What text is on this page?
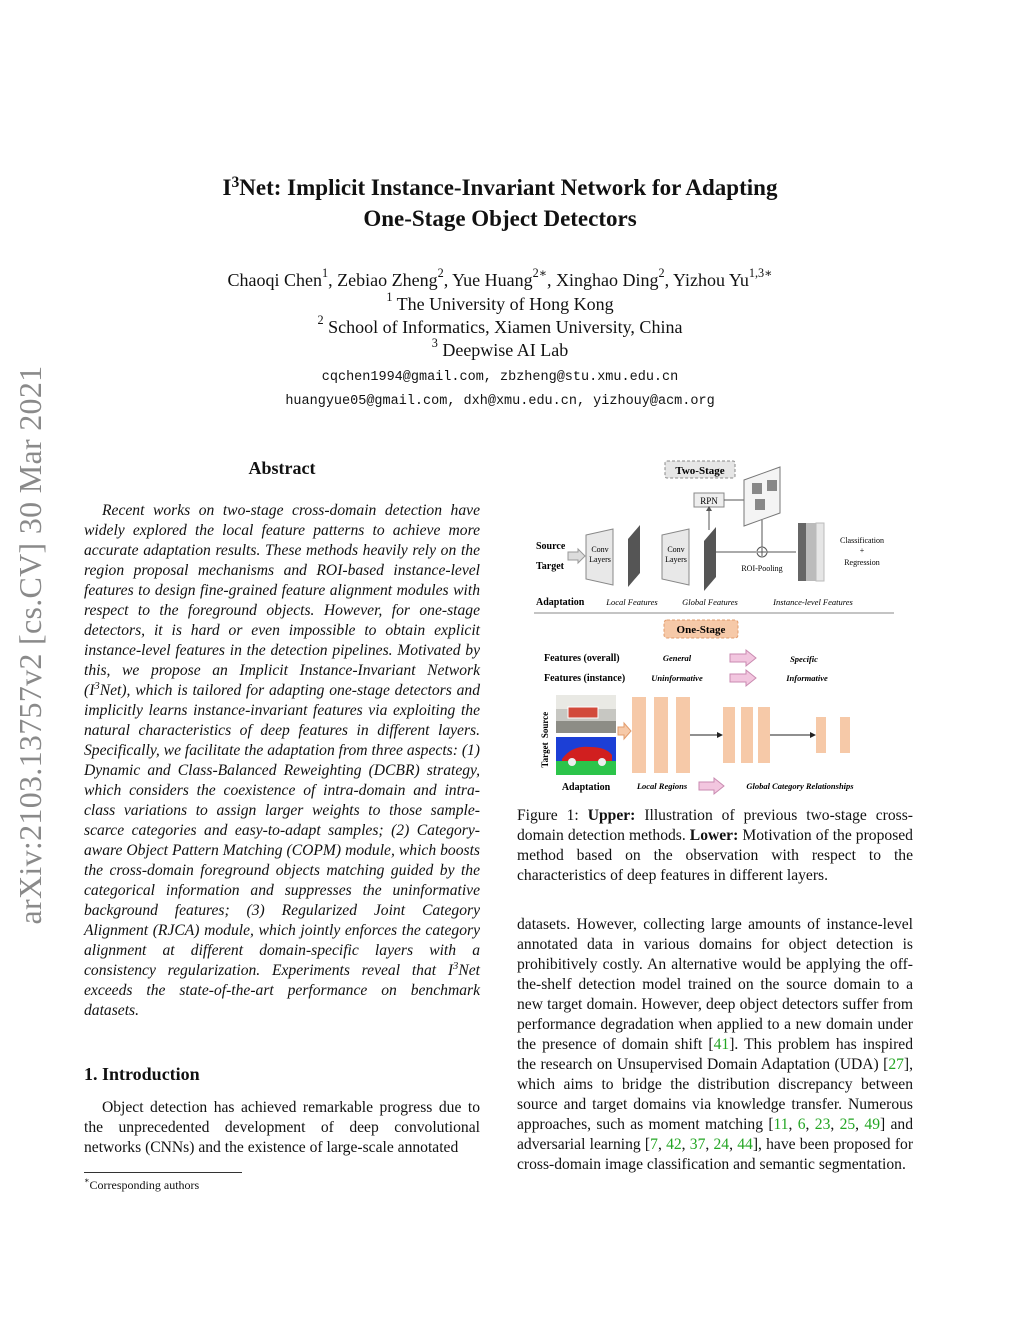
arXiv:2103.13757v2 [cs.CV] 30 Mar 2021
$I^3Net$: Implicit Instance-Invariant Network for Adapting
One-Stage Object Detectors
Chaoqi Chen$^1$, Zebiao Zheng$^2$, Yue Huang$^{2∗}$, Xinghao Ding$^2$, Yizhou $Yu^{1,3∗}$
$^1$ The University of Hong Kong
$^2$ School of Informatics, Xiamen University, China
$^3$ Deepwise AI Lab
cqchen1994@gmail.com, zbzheng@stu.xmu.edu.cn
huangyue05@gmail.com, dxh@xmu.edu.cn, yizhouy@acm.org
Abstract
Recent works on two-stage cross-domain detection have widely explored the local feature patterns to achieve more accurate adaptation results. These methods heavily rely on the region proposal mechanisms and ROI-based instance-level features to design fine-grained feature alignment modules with respect to the foreground objects. However, for one-stage detectors, it is hard or even impossible to obtain explicit instance-level features in the detection pipelines. Motivated by this, we propose an Implicit Instance-Invariant Network $(I^3Net)$, which is tailored for adapting one-stage detectors and implicitly learns instance-invariant features via exploiting the natural characteristics of deep features in different layers. Specifically, we facilitate the adaptation from three aspects: (1) Dynamic and Class-Balanced Reweighting (DCBR) strategy, which considers the coexistence of intra-domain and intra-class variations to assign larger weights to those sample-scarce categories and easy-to-adapt samples; (2) Category-aware Object Pattern Matching (COPM) module, which boosts the cross-domain foreground objects matching guided by the categorical information and suppresses the uninformative background features; (3) Regularized Joint Category Alignment (RJCA) module, which jointly enforces the category alignment at different domain-specific layers with a consistency regularization. Experiments reveal that $I^3Net$ exceeds the state-of-the-art performance on benchmark datasets.
1. Introduction
Object detection has achieved remarkable progress due to the unprecedented development of deep convolutional networks (CNNs) and the existence of large-scale annotated
∗Corresponding authors
Two-Stage
RPN
Source
Target
Conv
Layers
Conv
Layers
ROI-Pooling
Classification
+
Regression
Adaptation	Local Features	Global Features	Instance-level Features
One-Stage
Features (overall)
Features (instance)
General
Uninformative
Specific
Informative
Source
Target
Adaptation	Local Regions	Global Category Relationships
Figure 1: Upper: Illustration of previous two-stage cross-domain detection methods. Lower: Motivation of the proposed method based on the observation with respect to the characteristics of deep features in different layers.
datasets. However, collecting large amounts of instance-level annotated data in various domains for object detection is prohibitively costly. An alternative would be applying the off-the-shelf detection model trained on the source domain to a new target domain. However, deep object detectors suffer from performance degradation when applied to a new domain under the presence of domain shift [41]. This problem has inspired the research on Unsupervised Domain Adaptation (UDA) [27], which aims to bridge the distribution discrepancy between source and target domains via knowledge transfer. Numerous approaches, such as moment matching [11, 6, 23, 25, 49] and adversarial learning [7, 42, 37, 24, 44], have been proposed for cross-domain image classification and semantic segmentation.
